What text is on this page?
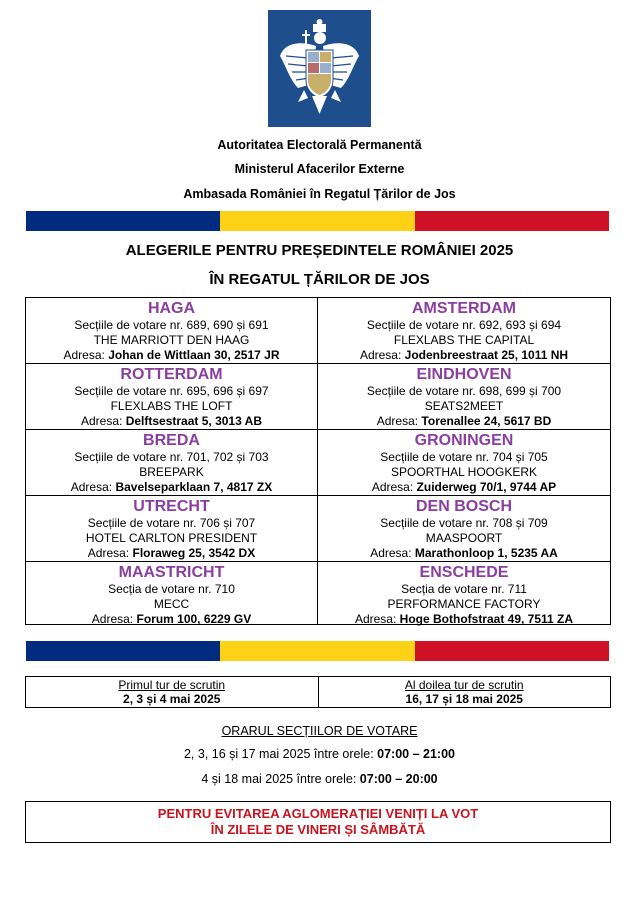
Autoritatea Electorală Permanentă
Ministerul Afacerilor Externe
Ambasada României în Regatul Țărilor de Jos
ALEGERILE PENTRU PREȘEDINTELE ROMÂNIEI 2025
ÎN REGATUL ȚĂRILOR DE JOS
HAGA
Secțiile de votare nr. 689, 690 și 691
THE MARRIOTT DEN HAAG
Adresa: Johan de Wittlaan 30, 2517 JR
AMSTERDAM
Secțiile de votare nr. 692, 693 și 694
FLEXLABS THE CAPITAL
Adresa: Jodenbreestraat 25, 1011 NH
ROTTERDAM
Secțiile de votare nr. 695, 696 și 697
FLEXLABS THE LOFT
Adresa: Delftsestraat 5, 3013 AB
EINDHOVEN
Secțiile de votare nr. 698, 699 și 700
SEATS2MEET
Adresa: Torenallee 24, 5617 BD
BREDA
Secțiile de votare nr. 701, 702 și 703
BREEPARK
Adresa: Bavelseparklaan 7, 4817 ZX
GRONINGEN
Secțiile de votare nr. 704 și 705
SPOORTHAL HOOGKERK
Adresa: Zuiderweg 70/1, 9744 AP
UTRECHT
Secțiile de votare nr. 706 și 707
HOTEL CARLTON PRESIDENT
Adresa: Floraweg 25, 3542 DX
DEN BOSCH
Secțiile de votare nr. 708 și 709
MAASPOORT
Adresa: Marathonloop 1, 5235 AA
MAASTRICHT
Secția de votare nr. 710
MECC
Adresa: Forum 100, 6229 GV
ENSCHEDE
Secția de votare nr. 711
PERFORMANCE FACTORY
Adresa: Hoge Bothofstraat 49, 7511 ZA
Primul tur de scrutin
2, 3 și 4 mai 2025
Al doilea tur de scrutin
16, 17 și 18 mai 2025
ORARUL SECȚIILOR DE VOTARE
2, 3, 16 și 17 mai 2025 între orele: 07:00 – 21:00
4 și 18 mai 2025 între orele: 07:00 – 20:00
PENTRU EVITAREA AGLOMERAȚIEI VENIȚI LA VOT
ÎN ZILELE DE VINERI ȘI SÂMBĂTĂ
